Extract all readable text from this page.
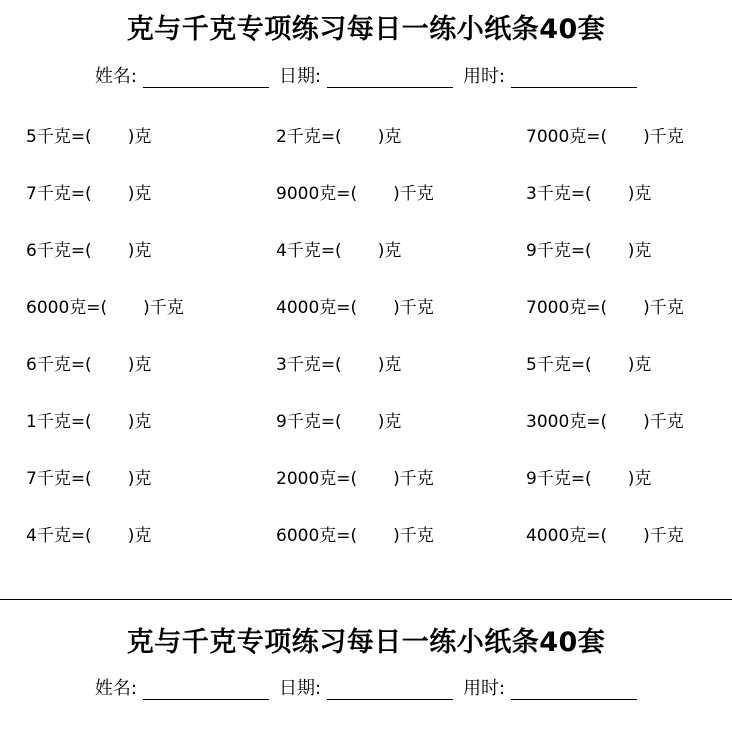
克与千克专项练习每日一练小纸条40套
姓名:	日期:	用时:
5千克=( )克	2千克=( )克	7000克=( )千克
7千克=( )克	9000克=( )千克	3千克=( )克
6千克=( )克	4千克=( )克	9千克=( )克
6000克=( )千克	4000克=( )千克	7000克=( )千克
6千克=( )克	3千克=( )克	5千克=( )克
1千克=( )克	9千克=( )克	3000克=( )千克
7千克=( )克	2000克=( )千克	9千克=( )克
4千克=( )克	6000克=( )千克	4000克=( )千克
克与千克专项练习每日一练小纸条40套
姓名:	日期:	用时:
